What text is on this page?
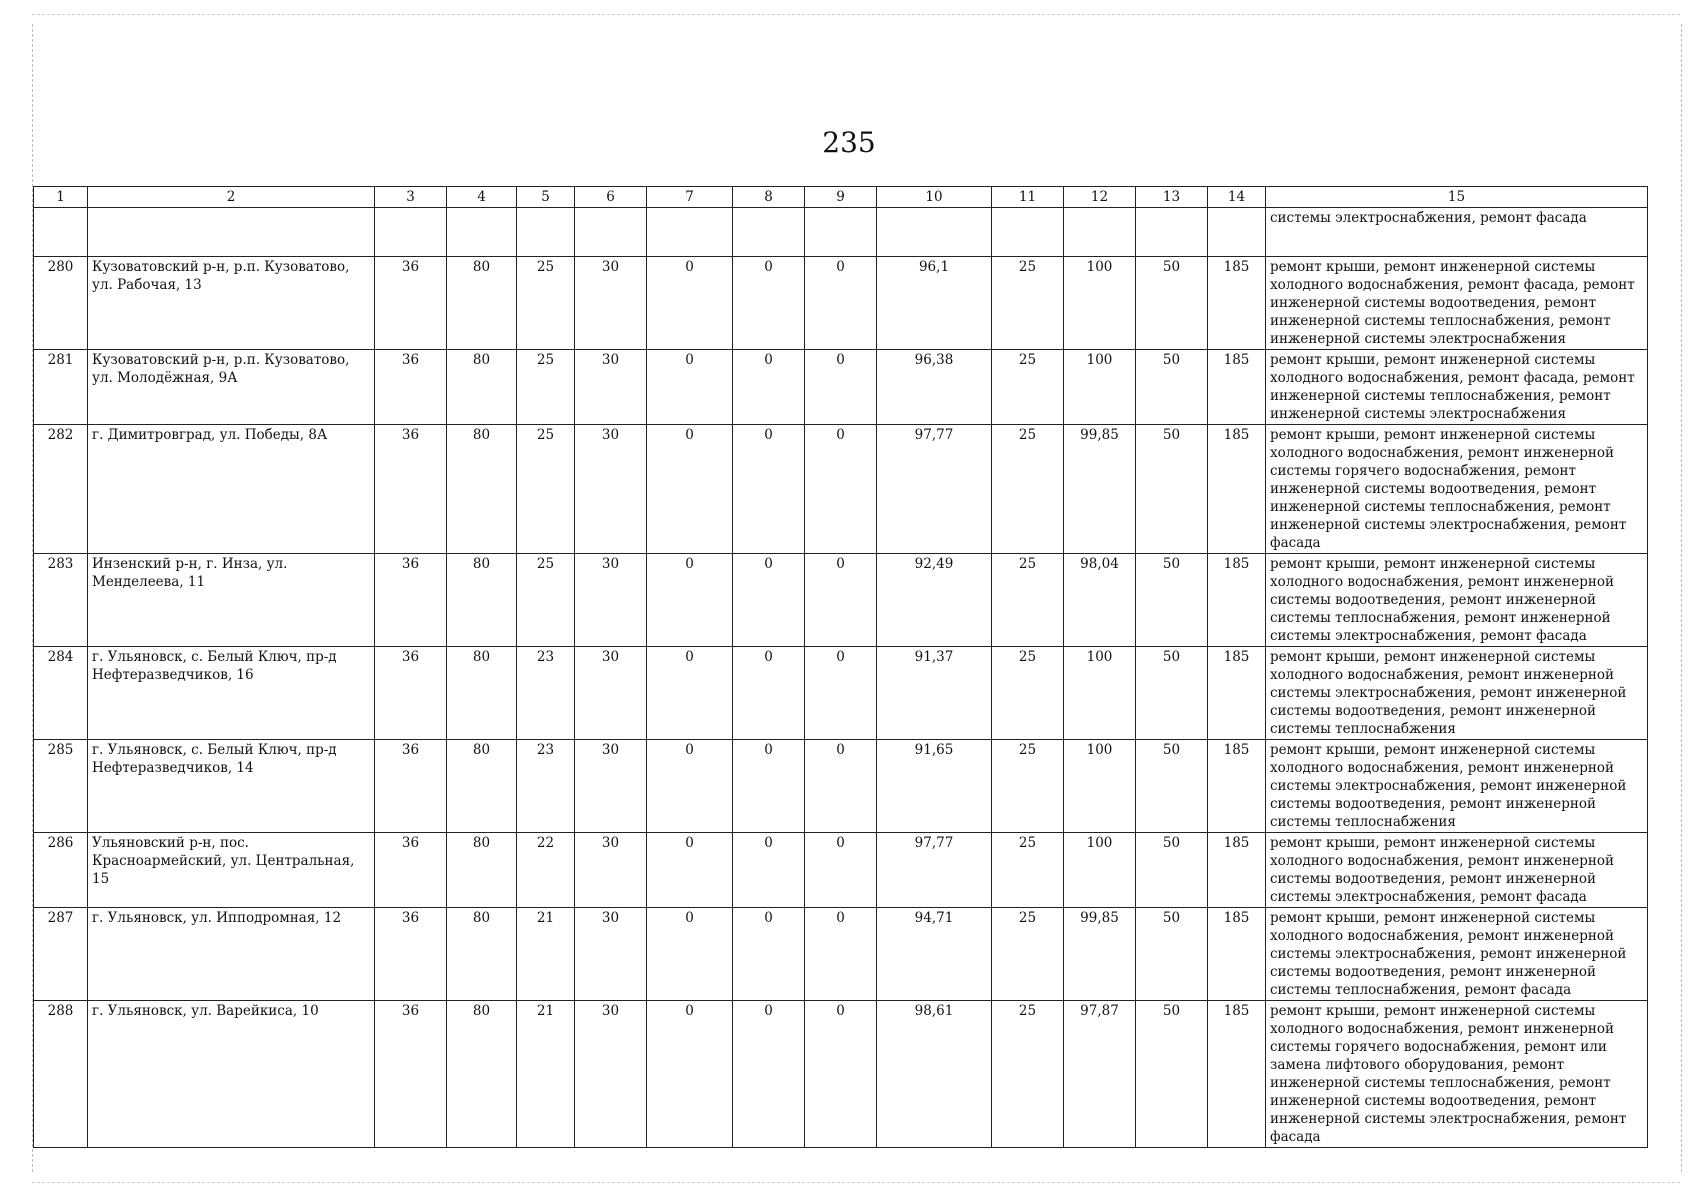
235
1	2	3	4	5	6	7	8	9	10	11	12	13	14	15
														системы электроснабжения, ремонт фасада
280	Кузоватовский р-н, р.п. Кузоватово, ул. Рабочая, 13	36	80	25	30	0	0	0	96,1	25	100	50	185	ремонт крыши, ремонт инженерной системы холодного водоснабжения, ремонт фасада, ремонт инженерной системы водоотведения, ремонт инженерной системы теплоснабжения, ремонт инженерной системы электроснабжения
281	Кузоватовский р-н, р.п. Кузоватово, ул. Молодёжная, 9А	36	80	25	30	0	0	0	96,38	25	100	50	185	ремонт крыши, ремонт инженерной системы холодного водоснабжения, ремонт фасада, ремонт инженерной системы теплоснабжения, ремонт инженерной системы электроснабжения
282	г. Димитровград, ул. Победы, 8А	36	80	25	30	0	0	0	97,77	25	99,85	50	185	ремонт крыши, ремонт инженерной системы холодного водоснабжения, ремонт инженерной системы горячего водоснабжения, ремонт инженерной системы водоотведения, ремонт инженерной системы теплоснабжения, ремонт инженерной системы электроснабжения, ремонт фасада
283	Инзенский р-н, г. Инза, ул. Менделеева, 11	36	80	25	30	0	0	0	92,49	25	98,04	50	185	ремонт крыши, ремонт инженерной системы холодного водоснабжения, ремонт инженерной системы водоотведения, ремонт инженерной системы теплоснабжения, ремонт инженерной системы электроснабжения, ремонт фасада
284	г. Ульяновск, с. Белый Ключ, пр-д Нефтеразведчиков, 16	36	80	23	30	0	0	0	91,37	25	100	50	185	ремонт крыши, ремонт инженерной системы холодного водоснабжения, ремонт инженерной системы электроснабжения, ремонт инженерной системы водоотведения, ремонт инженерной системы теплоснабжения
285	г. Ульяновск, с. Белый Ключ, пр-д Нефтеразведчиков, 14	36	80	23	30	0	0	0	91,65	25	100	50	185	ремонт крыши, ремонт инженерной системы холодного водоснабжения, ремонт инженерной системы электроснабжения, ремонт инженерной системы водоотведения, ремонт инженерной системы теплоснабжения
286	Ульяновский р-н, пос. Красноармейский, ул. Центральная, 15	36	80	22	30	0	0	0	97,77	25	100	50	185	ремонт крыши, ремонт инженерной системы холодного водоснабжения, ремонт инженерной системы водоотведения, ремонт инженерной системы электроснабжения, ремонт фасада
287	г. Ульяновск, ул. Ипподромная, 12	36	80	21	30	0	0	0	94,71	25	99,85	50	185	ремонт крыши, ремонт инженерной системы холодного водоснабжения, ремонт инженерной системы электроснабжения, ремонт инженерной системы водоотведения, ремонт инженерной системы теплоснабжения, ремонт фасада
288	г. Ульяновск, ул. Варейкиса, 10	36	80	21	30	0	0	0	98,61	25	97,87	50	185	ремонт крыши, ремонт инженерной системы холодного водоснабжения, ремонт инженерной системы горячего водоснабжения, ремонт или замена лифтового оборудования, ремонт инженерной системы теплоснабжения, ремонт инженерной системы водоотведения, ремонт инженерной системы электроснабжения, ремонт фасада
